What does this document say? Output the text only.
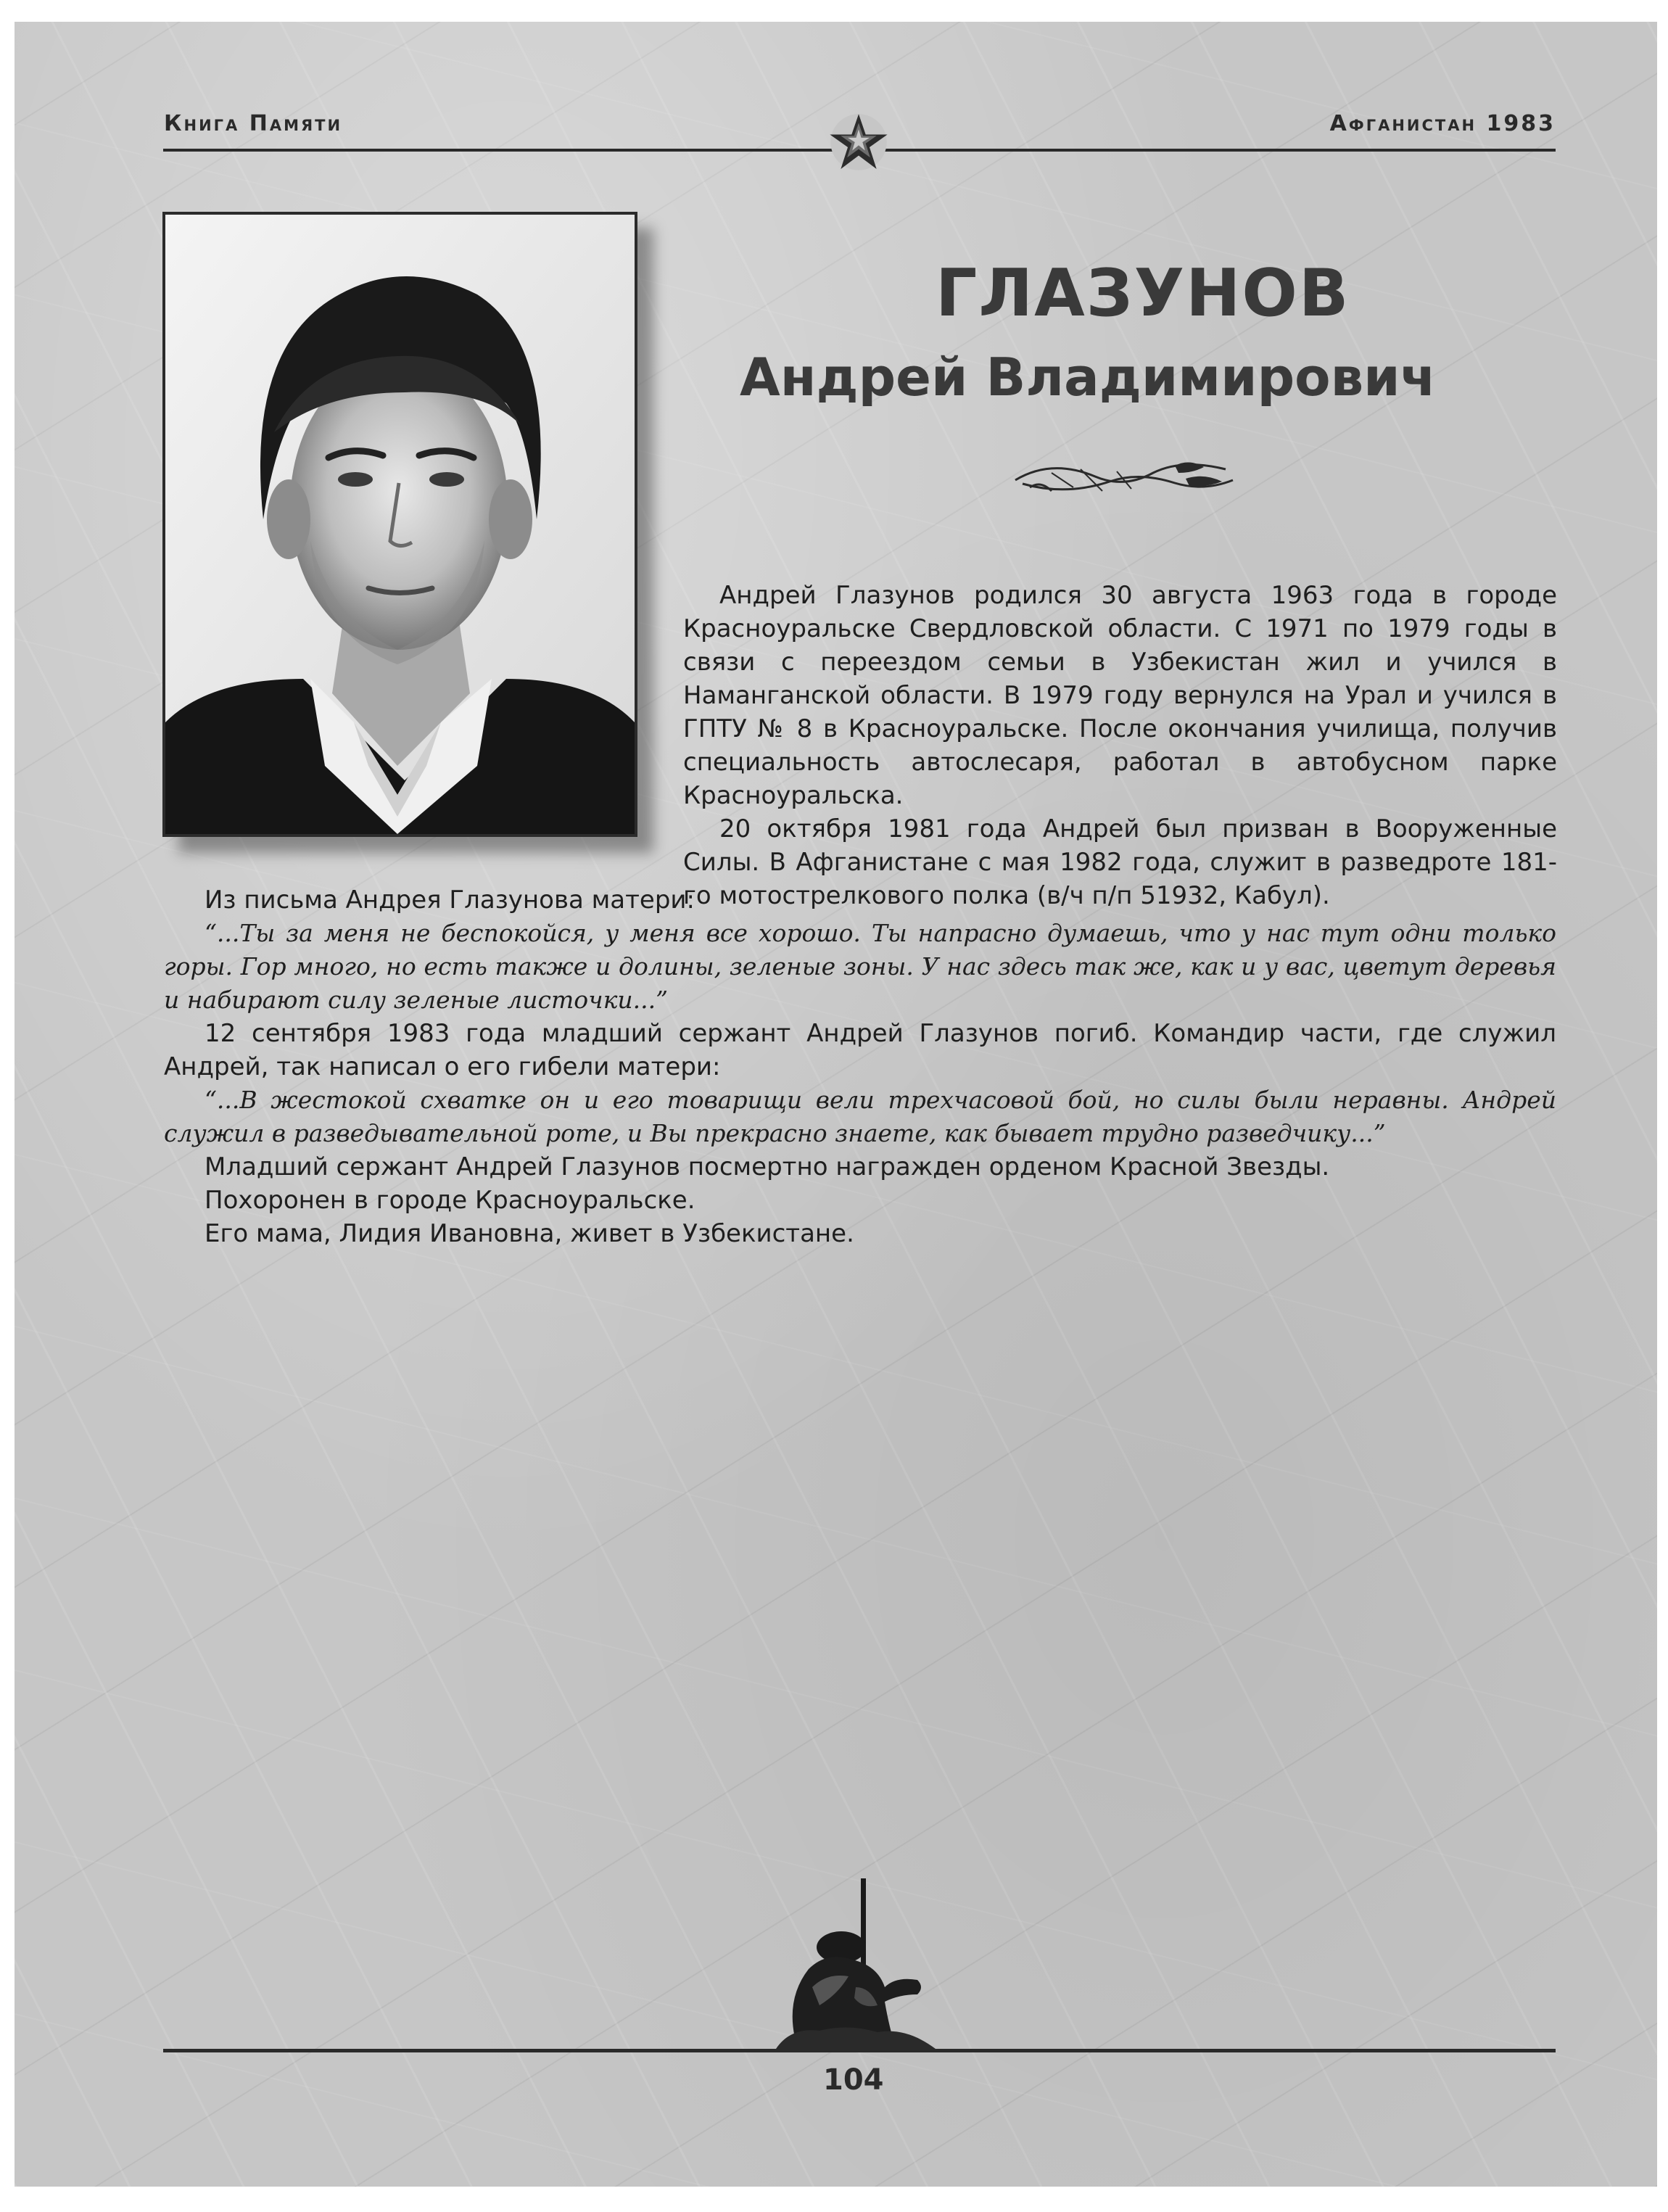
Книга Памяти	Афганистан 1983
ГЛАЗУНОВ
Андрей Владимирович

Андрей Глазунов родился 30 августа 1963 года в городе Красноуральске Свердловской области. С 1971 по 1979 годы в связи с переездом семьи в Узбекистан жил и учился в Наманганской области. В 1979 году вернулся на Урал и учился в ГПТУ № 8 в Красноуральске. После окончания училища, получив специальность автослесаря, работал в автобусном парке Красноуральска.

20 октября 1981 года Андрей был призван в Вооруженные Силы. В Афганистане с мая 1982 года, служит в разведроте 181-го мотострелкового полка (в/ч п/п 51932, Кабул).

Из письма Андрея Глазунова матери:

“...Ты за меня не беспокойся, у меня все хорошо. Ты напрасно думаешь, что у нас тут одни только горы. Гор много, но есть также и долины, зеленые зоны. У нас здесь так же, как и у вас, цветут деревья и набирают силу зеленые листочки...”

12 сентября 1983 года младший сержант Андрей Глазунов погиб. Командир части, где служил Андрей, так написал о его гибели матери:

“...В жестокой схватке он и его товарищи вели трехчасовой бой, но силы были неравны. Андрей служил в разведывательной роте, и Вы прекрасно знаете, как бывает трудно разведчику...”

Младший сержант Андрей Глазунов посмертно награжден орденом Красной Звезды.

Похоронен в городе Красноуральске.

Его мама, Лидия Ивановна, живет в Узбекистане.

104
